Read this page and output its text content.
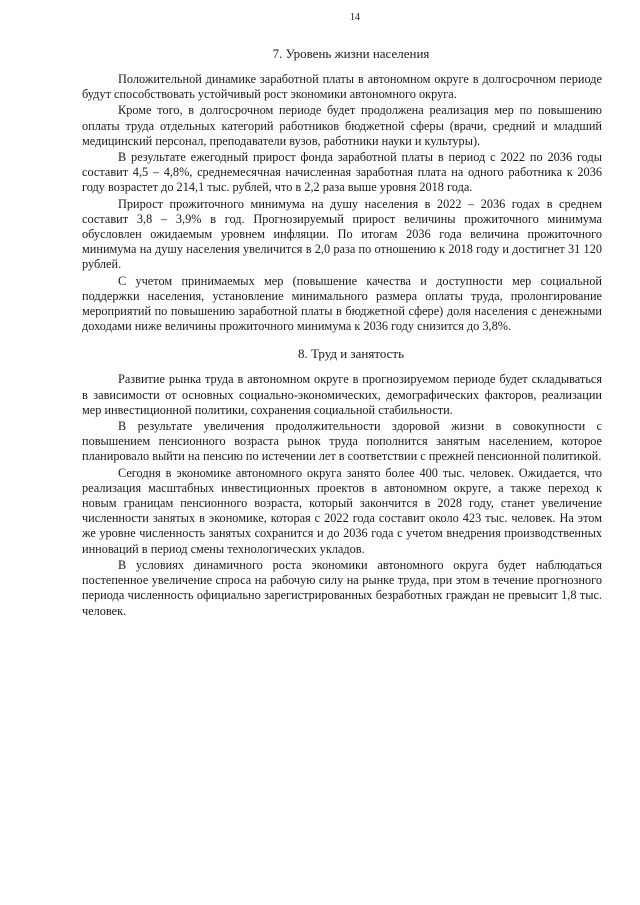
14
7. Уровень жизни населения

Положительной динамике заработной платы в автономном округе в долгосрочном периоде будут способствовать устойчивый рост экономики автономного округа.

Кроме того, в долгосрочном периоде будет продолжена реализация мер по повышению оплаты труда отдельных категорий работников бюджетной сферы (врачи, средний и младший медицинский персонал, преподаватели вузов, работники науки и культуры).

В результате ежегодный прирост фонда заработной платы в период с 2022 по 2036 годы составит 4,5 – 4,8%, среднемесячная начисленная заработная плата на одного работника к 2036 году возрастет до 214,1 тыс. рублей, что в 2,2 раза выше уровня 2018 года.

Прирост прожиточного минимума на душу населения в 2022 – 2036 годах в среднем составит 3,8 – 3,9% в год. Прогнозируемый прирост величины прожиточного минимума обусловлен ожидаемым уровнем инфляции. По итогам 2036 года величина прожиточного минимума на душу населения увеличится в 2,0 раза по отношению к 2018 году и достигнет 31 120 рублей.

С учетом принимаемых мер (повышение качества и доступности мер социальной поддержки населения, установление минимального размера оплаты труда, пролонгирование мероприятий по повышению заработной платы в бюджетной сфере) доля населения с денежными доходами ниже величины прожиточного минимума к 2036 году снизится до 3,8%.

8. Труд и занятость

Развитие рынка труда в автономном округе в прогнозируемом периоде будет складываться в зависимости от основных социально-экономических, демографических факторов, реализации мер инвестиционной политики, сохранения социальной стабильности.

В результате увеличения продолжительности здоровой жизни в совокупности с повышением пенсионного возраста рынок труда пополнится занятым населением, которое планировало выйти на пенсию по истечении лет в соответствии с прежней пенсионной политикой.

Сегодня в экономике автономного округа занято более 400 тыс. человек. Ожидается, что реализация масштабных инвестиционных проектов в автономном округе, а также переход к новым границам пенсионного возраста, который закончится в 2028 году, станет увеличение численности занятых в экономике, которая с 2022 года составит около 423 тыс. человек. На этом же уровне численность занятых сохранится и до 2036 года с учетом внедрения производственных инноваций в период смены технологических укладов.

В условиях динамичного роста экономики автономного округа будет наблюдаться постепенное увеличение спроса на рабочую силу на рынке труда, при этом в течение прогнозного периода численность официально зарегистрированных безработных граждан не превысит 1,8 тыс. человек.
